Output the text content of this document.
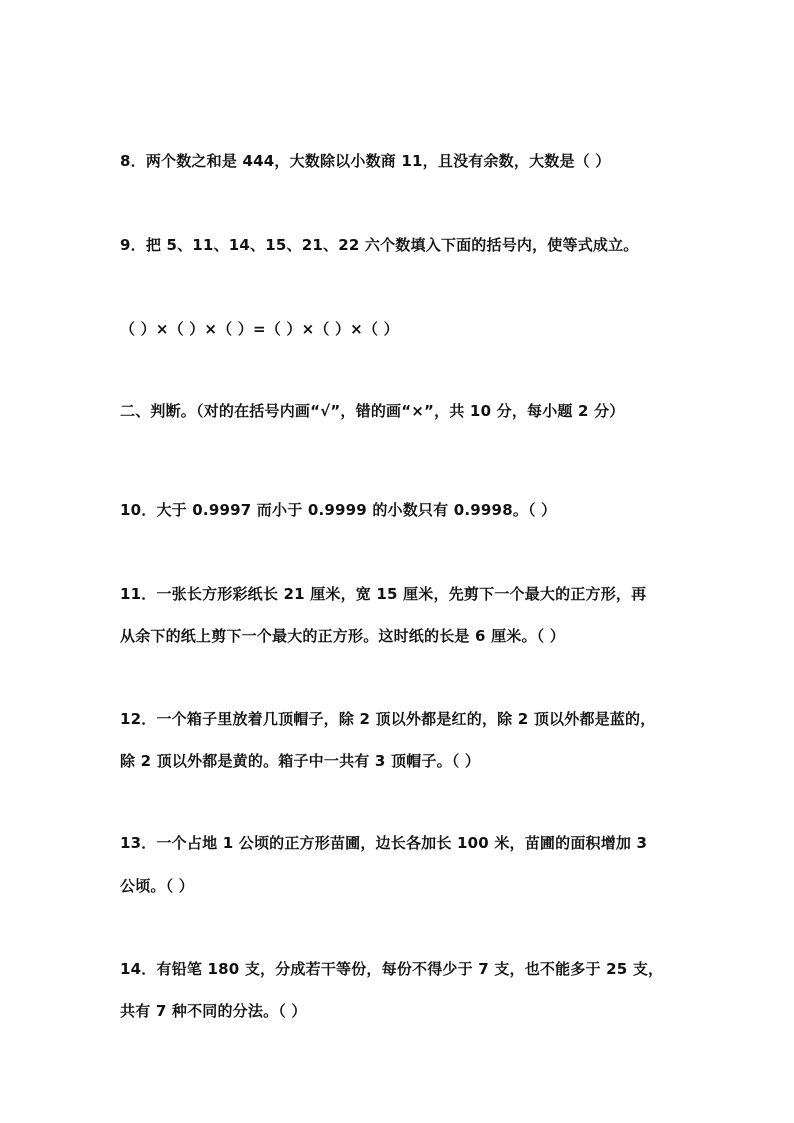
8．两个数之和是 444，大数除以小数商 11，且没有余数，大数是（ ）
9．把 5、11、14、15、21、22 六个数填入下面的括号内，使等式成立。
（ ）×（ ）×（ ）=（ ）×（ ）×（ ）
二、判断。（对的在括号内画“√”，错的画“×”，共 10 分，每小题 2 分）
10．大于 0.9997 而小于 0.9999 的小数只有 0.9998。（ ）
11．一张长方形彩纸长 21 厘米，宽 15 厘米，先剪下一个最大的正方形，再
从余下的纸上剪下一个最大的正方形。这时纸的长是 6 厘米。（ ）
12．一个箱子里放着几顶帽子，除 2 顶以外都是红的，除 2 顶以外都是蓝的，
除 2 顶以外都是黄的。箱子中一共有 3 顶帽子。（ ）
13．一个占地 1 公顷的正方形苗圃，边长各加长 100 米，苗圃的面积增加 3
公顷。（ ）
14．有铅笔 180 支，分成若干等份，每份不得少于 7 支，也不能多于 25 支，
共有 7 种不同的分法。（ ）
